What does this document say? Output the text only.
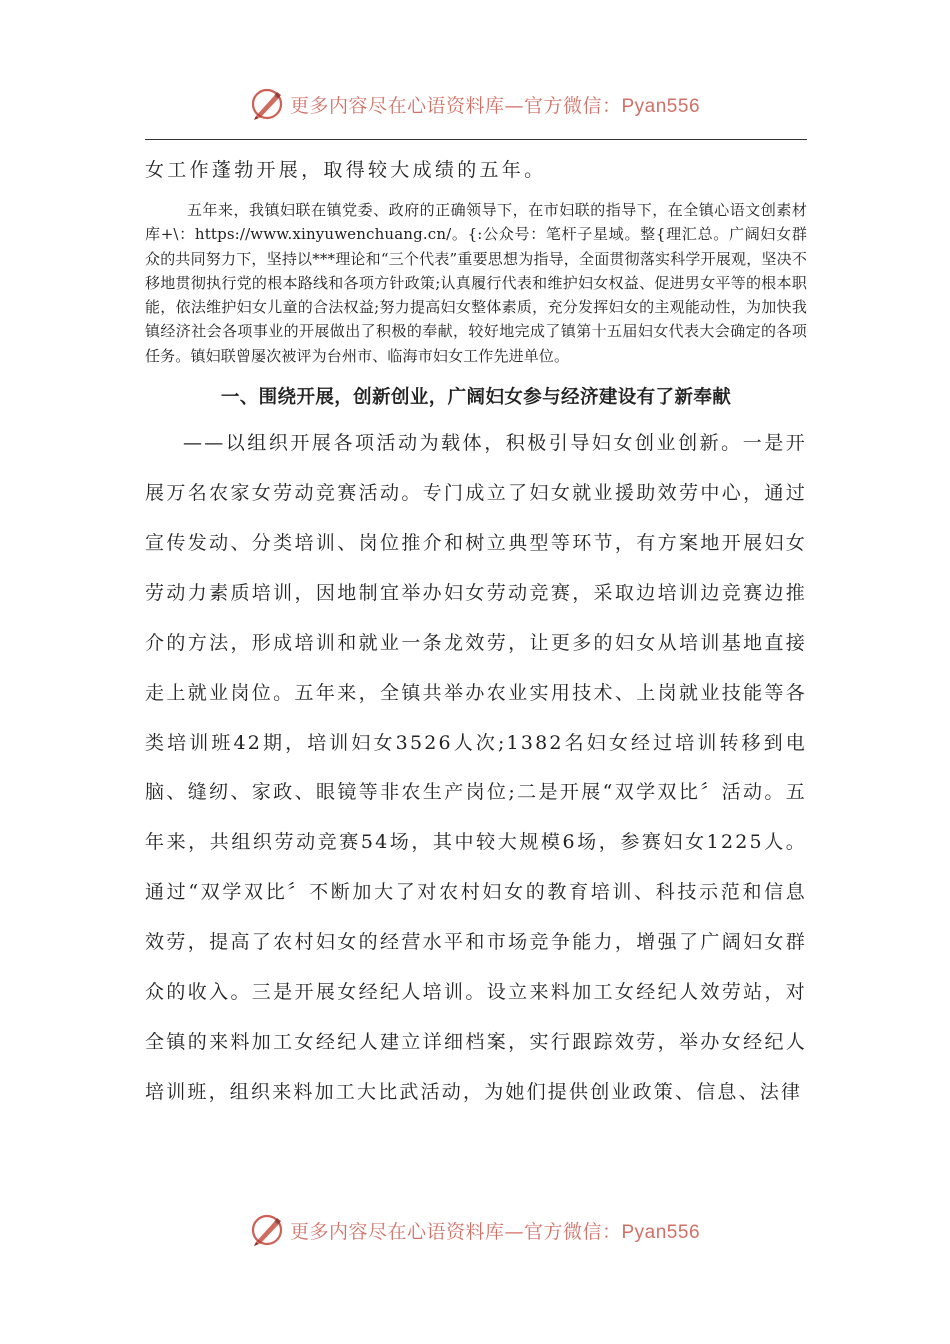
更多内容尽在心语资料库—官方微信：Pyan556

女工作蓬勃开展，取得较大成绩的五年。

五年来，我镇妇联在镇党委、政府的正确领导下，在市妇联的指导下，在全镇心语文创素材库+\：https://www.xinyuwenchuang.cn/。{:公众号：笔杆子星域。整{理汇总。广阔妇女群众的共同努力下，坚持以***理论和“三个代表”重要思想为指导，全面贯彻落实科学开展观，坚决不移地贯彻执行党的根本路线和各项方针政策;认真履行代表和维护妇女权益、促进男女平等的根本职能，依法维护妇女儿童的合法权益;努力提高妇女整体素质，充分发挥妇女的主观能动性，为加快我镇经济社会各项事业的开展做出了积极的奉献，较好地完成了镇第十五届妇女代表大会确定的各项任务。镇妇联曾屡次被评为台州市、临海市妇女工作先进单位。

一、围绕开展，创新创业，广阔妇女参与经济建设有了新奉献

——以组织开展各项活动为载体，积极引导妇女创业创新。一是开展万名农家女劳动竞赛活动。专门成立了妇女就业援助效劳中心，通过宣传发动、分类培训、岗位推介和树立典型等环节，有方案地开展妇女劳动力素质培训，因地制宜举办妇女劳动竞赛，采取边培训边竞赛边推介的方法，形成培训和就业一条龙效劳，让更多的妇女从培训基地直接走上就业岗位。五年来，全镇共举办农业实用技术、上岗就业技能等各类培训班42期，培训妇女3526人次;1382名妇女经过培训转移到电脑、缝纫、家政、眼镜等非农生产岗位;二是开展“双学双比〞活动。五年来，共组织劳动竞赛54场，其中较大规模6场，参赛妇女1225人。通过“双学双比〞不断加大了对农村妇女的教育培训、科技示范和信息效劳，提高了农村妇女的经营水平和市场竞争能力，增强了广阔妇女群众的收入。三是开展女经纪人培训。设立来料加工女经纪人效劳站，对全镇的来料加工女经纪人建立详细档案，实行跟踪效劳，举办女经纪人培训班，组织来料加工大比武活动，为她们提供创业政策、信息、法律

更多内容尽在心语资料库—官方微信：Pyan556
